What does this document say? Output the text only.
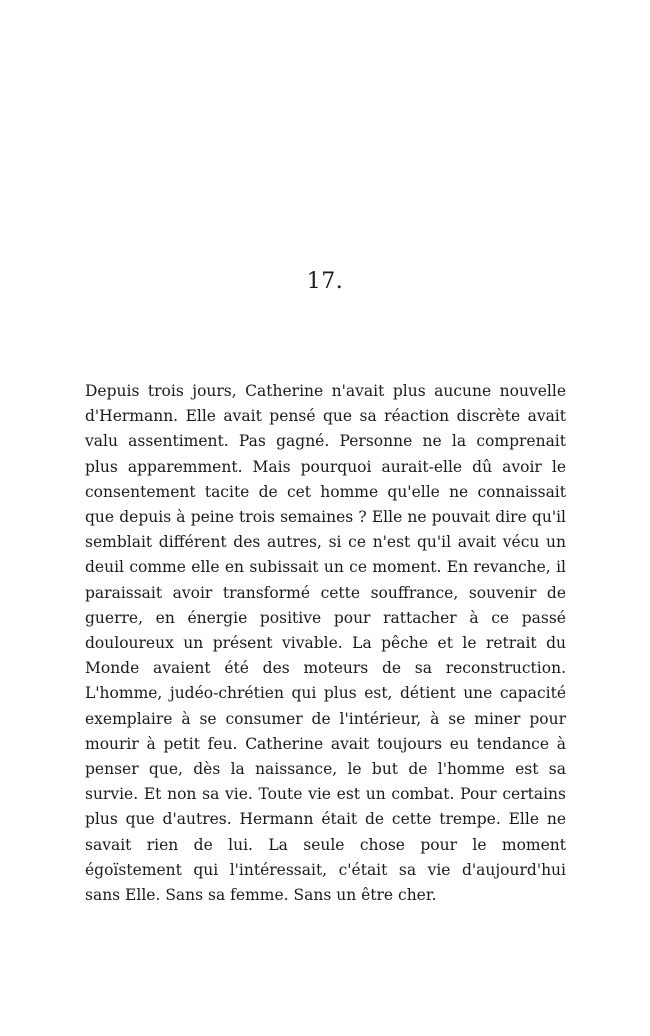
17.

Depuis trois jours, Catherine n'avait plus aucune nouvelle d'Hermann. Elle avait pensé que sa réaction discrète avait valu assentiment. Pas gagné. Personne ne la comprenait plus apparemment. Mais pourquoi aurait-elle dû avoir le consentement tacite de cet homme qu'elle ne connaissait que depuis à peine trois semaines ? Elle ne pouvait dire qu'il semblait différent des autres, si ce n'est qu'il avait vécu un deuil comme elle en subissait un ce moment. En revanche, il paraissait avoir transformé cette souffrance, souvenir de guerre, en énergie positive pour rattacher à ce passé douloureux un présent vivable. La pêche et le retrait du Monde avaient été des moteurs de sa reconstruction. L'homme, judéo-chrétien qui plus est, détient une capacité exemplaire à se consumer de l'intérieur, à se miner pour mourir à petit feu. Catherine avait toujours eu tendance à penser que, dès la naissance, le but de l'homme est sa survie. Et non sa vie. Toute vie est un combat. Pour certains plus que d'autres. Hermann était de cette trempe. Elle ne savait rien de lui. La seule chose pour le moment égoïstement qui l'intéressait, c'était sa vie d'aujourd'hui sans Elle. Sans sa femme. Sans un être cher.
